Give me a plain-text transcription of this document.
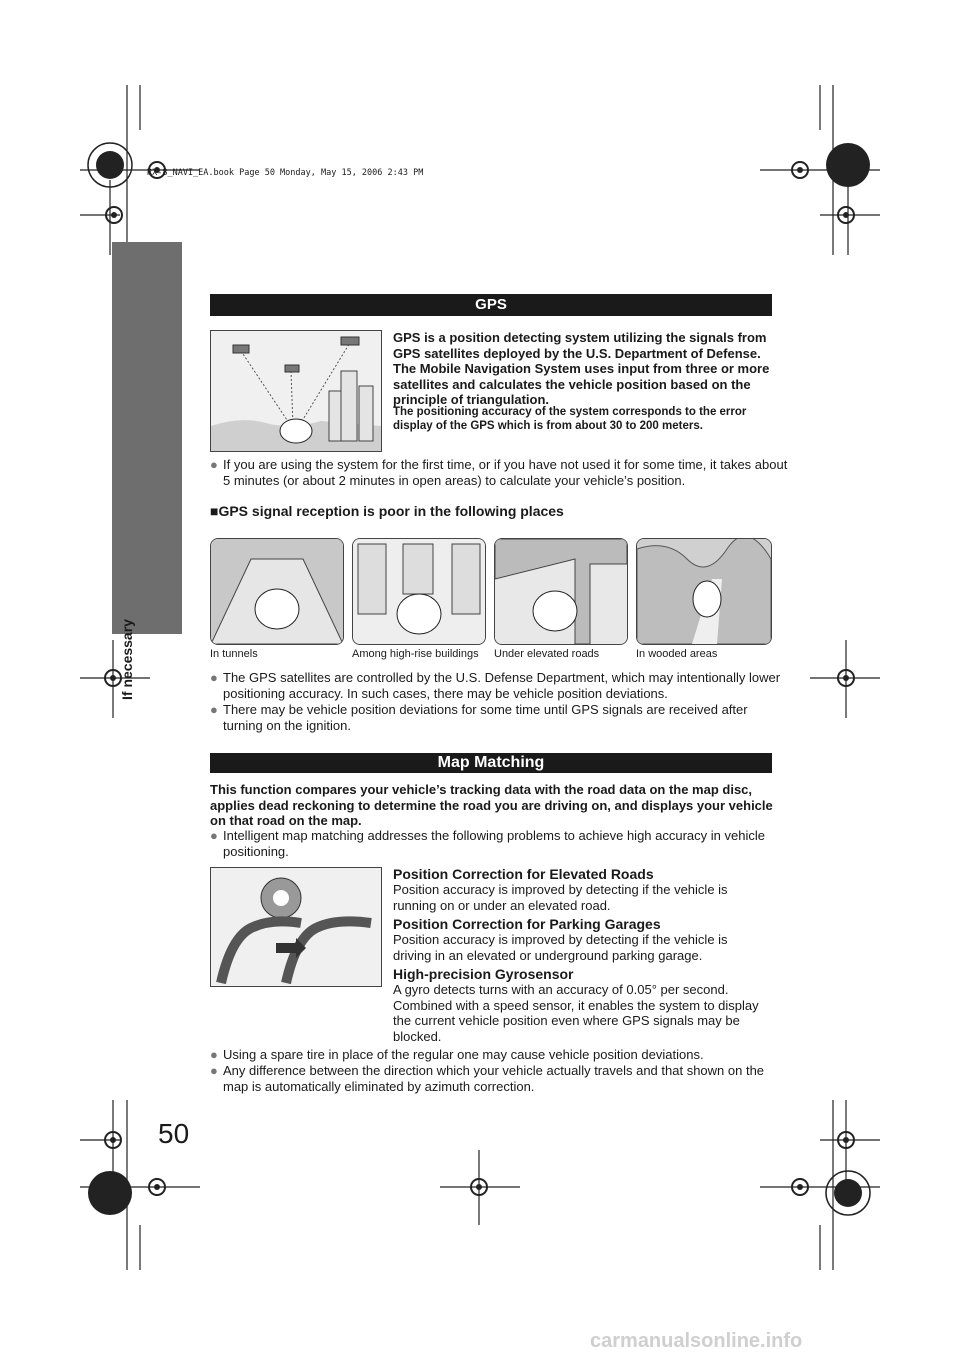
RX-8_NAVI_EA.book Page 50 Monday, May 15, 2006 2:43 PM
If necessary
GPS
GPS is a position detecting system utilizing the signals from GPS satellites deployed by the U.S. Department of Defense. The Mobile Navigation System uses input from three or more satellites and calculates the vehicle position based on the principle of triangulation.
The positioning accuracy of the system corresponds to the error display of the GPS which is from about 30 to 200 meters.
● If you are using the system for the first time, or if you have not used it for some time, it takes about 5 minutes (or about 2 minutes in open areas) to calculate your vehicle’s position.
■GPS signal reception is poor in the following places
In tunnels	Among high-rise buildings Under elevated roads	In wooded areas
● The GPS satellites are controlled by the U.S. Defense Department, which may intentionally lower positioning accuracy. In such cases, there may be vehicle position deviations.
● There may be vehicle position deviations for some time until GPS signals are received after turning on the ignition.
Map Matching
This function compares your vehicle’s tracking data with the road data on the map disc, applies dead reckoning to determine the road you are driving on, and displays your vehicle on that road on the map.
● Intelligent map matching addresses the following problems to achieve high accuracy in vehicle positioning.
Position Correction for Elevated Roads
Position accuracy is improved by detecting if the vehicle is running on or under an elevated road.
Position Correction for Parking Garages
Position accuracy is improved by detecting if the vehicle is driving in an elevated or underground parking garage.
High-precision Gyrosensor
A gyro detects turns with an accuracy of 0.05° per second. Combined with a speed sensor, it enables the system to display the current vehicle position even where GPS signals may be blocked.
● Using a spare tire in place of the regular one may cause vehicle position deviations.
● Any difference between the direction which your vehicle actually travels and that shown on the map is automatically eliminated by azimuth correction.
50
carmanualsonline.info
